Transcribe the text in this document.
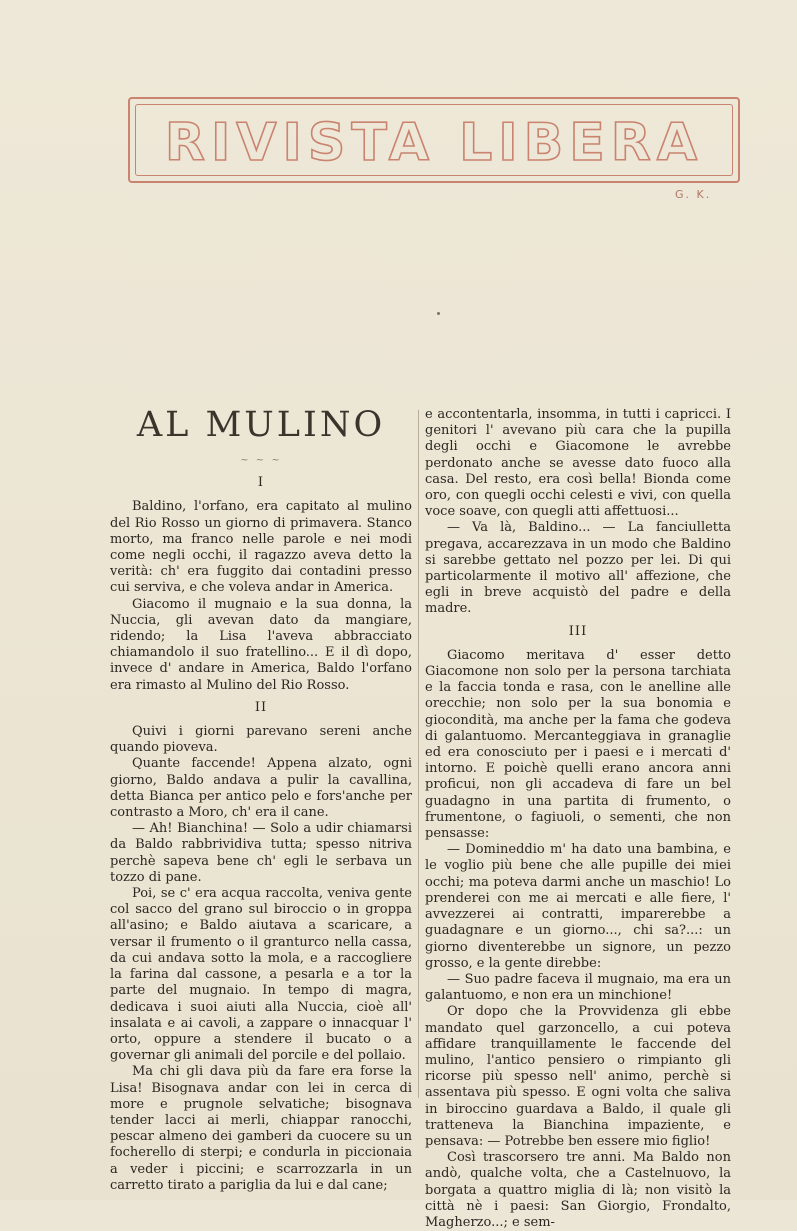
RIVISTA LIBERA
G. K.
AL MULINO
~ ~ ~
I

Baldino, l'orfano, era capitato al mulino del Rio Rosso un giorno di primavera. Stanco morto, ma franco nelle parole e nei modi come negli occhi, il ragazzo aveva detto la verità: ch' era fuggito dai contadini presso cui serviva, e che voleva andar in America.

Giacomo il mugnaio e la sua donna, la Nuccia, gli avevan dato da mangiare, ridendo; la Lisa l'aveva abbracciato chiamandolo il suo fratellino... E il dì dopo, invece d' andare in America, Baldo l'orfano era rimasto al Mulino del Rio Rosso.

II

Quivi i giorni parevano sereni anche quando pioveva.

Quante faccende! Appena alzato, ogni giorno, Baldo andava a pulir la cavallina, detta Bianca per antico pelo e fors'anche per contrasto a Moro, ch' era il cane.

— Ah! Bianchina! — Solo a udir chiamarsi da Baldo rabbrividiva tutta; spesso nitriva perchè sapeva bene ch' egli le serbava un tozzo di pane.

Poi, se c' era acqua raccolta, veniva gente col sacco del grano sul biroccio o in groppa all'asino; e Baldo aiutava a scaricare, a versar il frumento o il granturco nella cassa, da cui andava sotto la mola, e a raccogliere la farina dal cassone, a pesarla e a tor la parte del mugnaio. In tempo di magra, dedicava i suoi aiuti alla Nuccia, cioè all' insalata e ai cavoli, a zappare o innacquar l' orto, oppure a stendere il bucato o a governar gli animali del porcile e del pollaio.

Ma chi gli dava più da fare era forse la Lisa! Bisognava andar con lei in cerca di more e prugnole selvatiche; bisognava tender lacci ai merli, chiappar ranocchi, pescar almeno dei gamberi da cuocere su un focherello di sterpi; e condurla in piccionaia a veder i piccini; e scarrozzarla in un carretto tirato a pariglia da lui e dal cane;

e accontentarla, insomma, in tutti i capricci. I genitori l' avevano più cara che la pupilla degli occhi e Giacomone le avrebbe perdonato anche se avesse dato fuoco alla casa. Del resto, era così bella! Bionda come oro, con quegli occhi celesti e vivi, con quella voce soave, con quegli atti affettuosi...

— Va là, Baldino... — La fanciulletta pregava, accarezzava in un modo che Baldino si sarebbe gettato nel pozzo per lei. Di qui particolarmente il motivo all' affezione, che egli in breve acquistò del padre e della madre.

III

Giacomo meritava d' esser detto Giacomone non solo per la persona tarchiata e la faccia tonda e rasa, con le anelline alle orecchie; non solo per la sua bonomia e giocondità, ma anche per la fama che godeva di galantuomo. Mercanteggiava in granaglie ed era conosciuto per i paesi e i mercati d' intorno. E poichè quelli erano ancora anni proficui, non gli accadeva di fare un bel guadagno in una partita di frumento, o frumentone, o fagiuoli, o sementi, che non pensasse:

— Domineddio m' ha dato una bambina, e le voglio più bene che alle pupille dei miei occhi; ma poteva darmi anche un maschio! Lo prenderei con me ai mercati e alle fiere, l' avvezzerei ai contratti, imparerebbe a guadagnare e un giorno..., chi sa?...: un giorno diventerebbe un signore, un pezzo grosso, e la gente direbbe:

— Suo padre faceva il mugnaio, ma era un galantuomo, e non era un minchione!

Or dopo che la Provvidenza gli ebbe mandato quel garzoncello, a cui poteva affidare tranquillamente le faccende del mulino, l'antico pensiero o rimpianto gli ricorse più spesso nell' animo, perchè si assentava più spesso. E ogni volta che saliva in biroccino guardava a Baldo, il quale gli tratteneva la Bianchina impaziente, e pensava: — Potrebbe ben essere mio figlio!

Così trascorsero tre anni. Ma Baldo non andò, qualche volta, che a Castelnuovo, la borgata a quattro miglia di là; non visitò la città nè i paesi: San Giorgio, Frondalto, Magherzo...; e sem-
